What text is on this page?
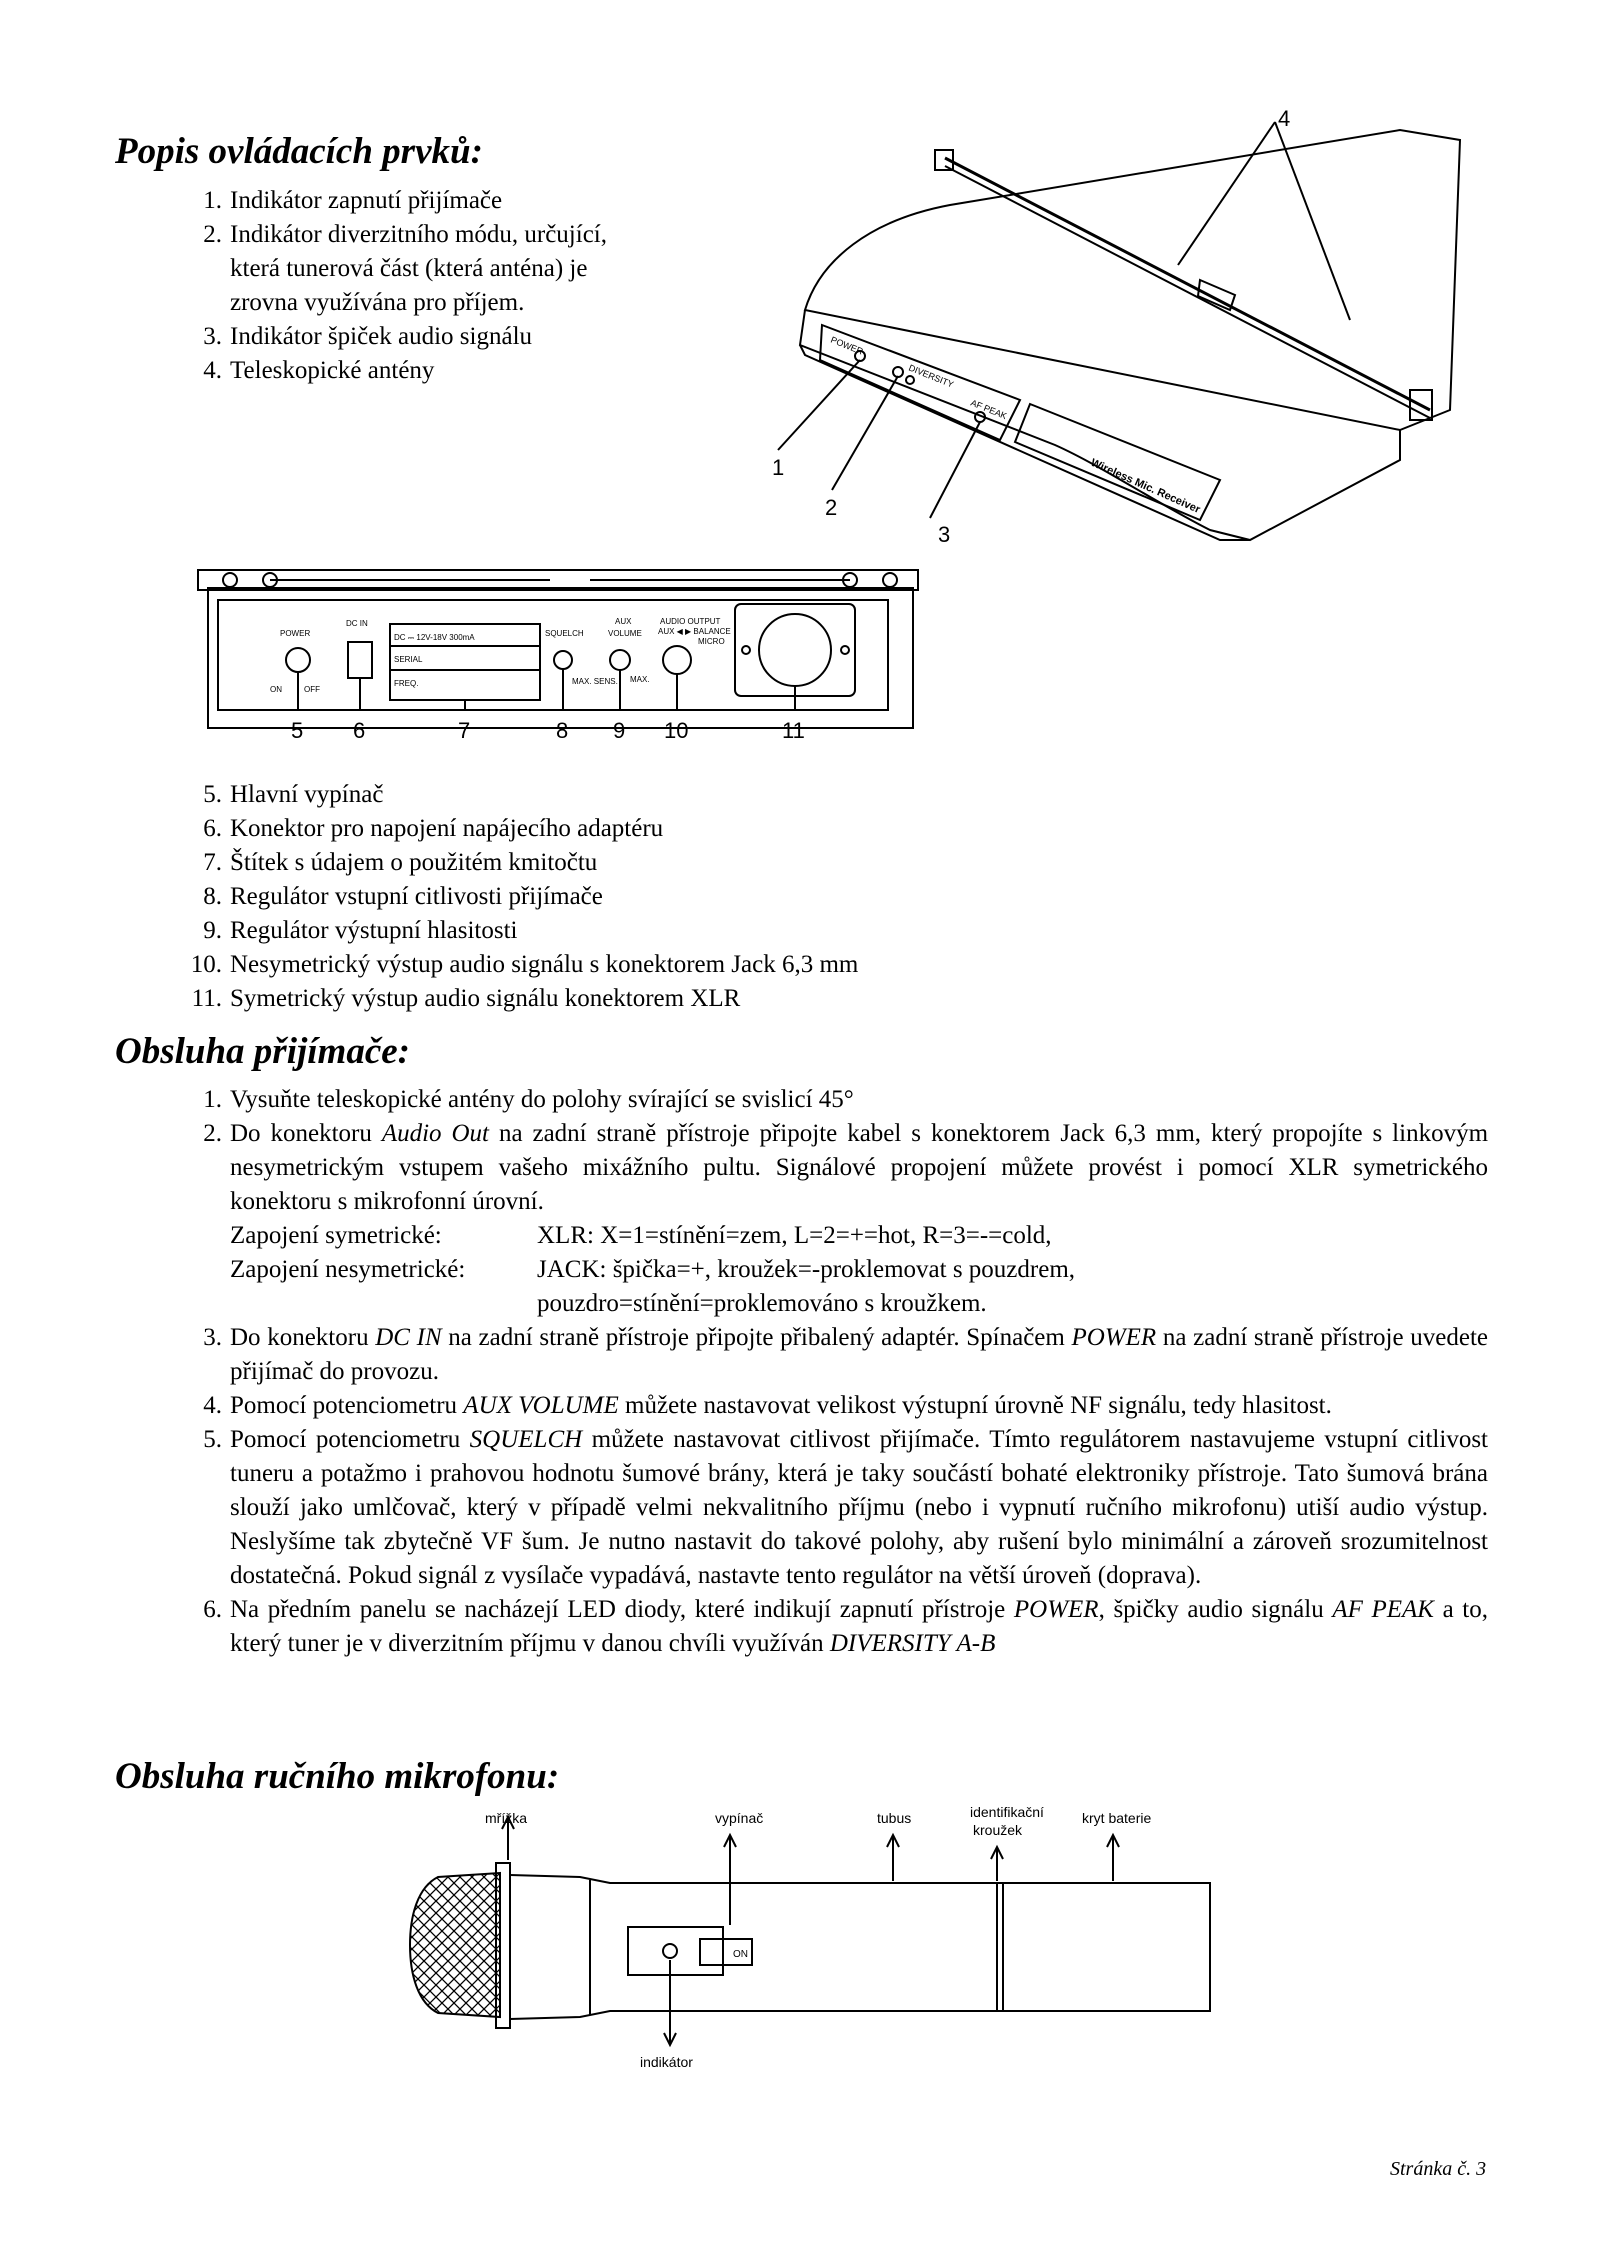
Popis ovládacích prvků:
1. Indikátor zapnutí přijímače
2. Indikátor diverzitního módu, určující,
která tunerová část (která anténa) je
zrovna využívána pro příjem.
3. Indikátor špiček audio signálu
4. Teleskopické antény
POWER
DIVERSITY
AF PEAK
Wireless Mic. Receiver
1
2
3
4
POWER
DC IN
DC ⎓ 12V-18V 300mA
SERIAL
FREQ.
SQUELCH
MAX. SENS.
AUX
VOLUME
MAX.
AUDIO OUTPUT
AUX ◀ ▶ BALANCE
MICRO
ON	OFF
5 6	7	8 9 10	11
5. Hlavní vypínač
6. Konektor pro napojení napájecího adaptéru
7. Štítek s údajem o použitém kmitočtu
8. Regulátor vstupní citlivosti přijímače
9. Regulátor výstupní hlasitosti
10. Nesymetrický výstup audio signálu s konektorem Jack 6,3 mm
11. Symetrický výstup audio signálu konektorem XLR
Obsluha přijímače:
1. Vysuňte teleskopické antény do polohy svírající se svislicí 45°
2. Do konektoru Audio Out na zadní straně přístroje připojte kabel s konektorem Jack 6,3 mm, který propojíte s linkovým nesymetrickým vstupem vašeho mixážního pultu. Signálové propojení můžete provést i pomocí XLR symetrického konektoru s mikrofonní úrovní.
Zapojení symetrické:	XLR: X=1=stínění=zem, L=2=+=hot, R=3=-=cold,
Zapojení nesymetrické:	JACK: špička=+, kroužek=-proklemovat s pouzdrem,
pouzdro=stínění=proklemováno s kroužkem.
3. Do konektoru DC IN na zadní straně přístroje připojte přibalený adaptér. Spínačem POWER na zadní straně přístroje uvedete přijímač do provozu.
4. Pomocí potenciometru AUX VOLUME můžete nastavovat velikost výstupní úrovně NF signálu, tedy hlasitost.
5. Pomocí potenciometru SQUELCH můžete nastavovat citlivost přijímače. Tímto regulátorem nastavujeme vstupní citlivost tuneru a potažmo i prahovou hodnotu šumové brány, která je taky součástí bohaté elektroniky přístroje. Tato šumová brána slouží jako umlčovač, který v případě velmi nekvalitního příjmu (nebo i vypnutí ručního mikrofonu) utiší audio výstup. Neslyšíme tak zbytečně VF šum. Je nutno nastavit do takové polohy, aby rušení bylo minimální a zároveň srozumitelnost dostatečná. Pokud signál z vysílače vypadává, nastavte tento regulátor na větší úroveň (doprava).
6. Na předním panelu se nacházejí LED diody, které indikují zapnutí přístroje POWER, špičky audio signálu AF PEAK a to, který tuner je v diverzitním příjmu v danou chvíli využíván DIVERSITY A-B
Obsluha ručního mikrofonu:
mřížka	vypínač	tubus	identifikační
kroužek
kryt baterie
indikátor
ON
Stránka č. 3
